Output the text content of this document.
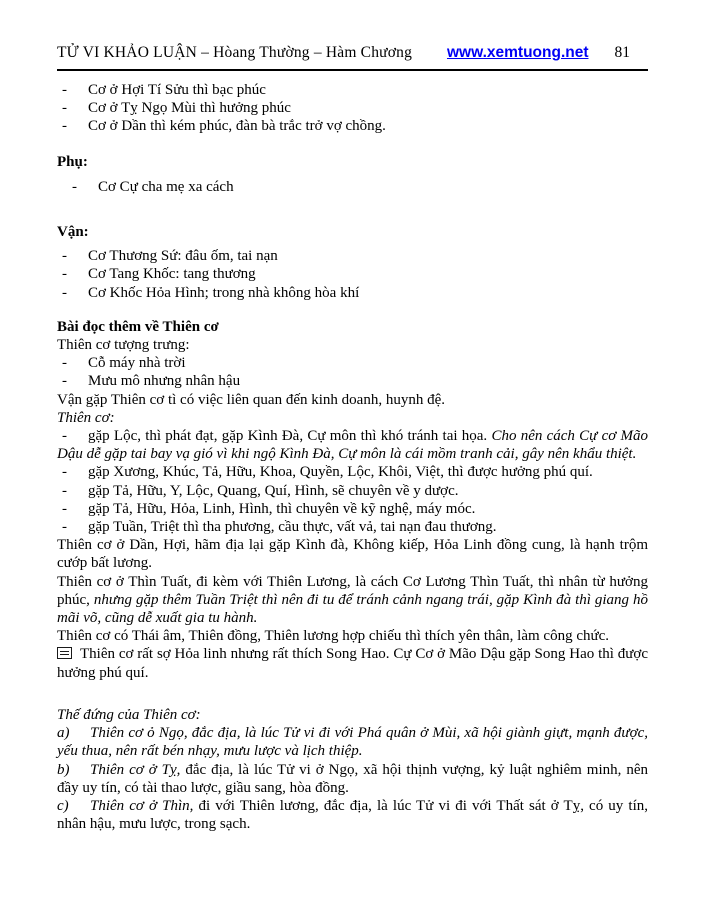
TỬ VI KHẢO LUẬN – Hòang Thường – Hàm Chương www.xemtuong.net 81

- Cơ ở Hợi Tí Sửu thì bạc phúc

- Cơ ở Tỵ Ngọ Mùi thì hưởng phúc

- Cơ ở Dần thì kém phúc, đàn bà trắc trở vợ chồng.

Phụ:

- Cơ Cự cha mẹ xa cách

Vận:

- Cơ Thương Sứ: đâu ốm, tai nạn

- Cơ Tang Khốc: tang thương

- Cơ Khốc Hỏa Hình; trong nhà không hòa khí

Bài đọc thêm về Thiên cơ

Thiên cơ tượng trưng:

- Cỗ máy nhà trời

- Mưu mô nhưng nhân hậu

Vận gặp Thiên cơ tì có việc liên quan đến kinh doanh, huynh đệ.

Thiên cơ:

- gặp Lộc, thì phát đạt, gặp Kình Đà, Cự môn thì khó tránh tai họa. Cho nên cách Cự cơ Mão Dậu dễ gặp tai bay vạ gió vì khi ngộ Kình Đà, Cự môn là cái mồm tranh cải, gây nên khẩu thiệt.

- gặp Xương, Khúc, Tả, Hữu, Khoa, Quyền, Lộc, Khôi, Việt, thì được hưởng phú quí.

- gặp Tả, Hữu, Y, Lộc, Quang, Quí, Hình, sẽ chuyên về y dược.

- gặp Tả, Hữu, Hỏa, Linh, Hình, thì chuyên về kỹ nghệ, máy móc.

- gặp Tuần, Triệt thì tha phương, cầu thực, vất vả, tai nạn đau thương.

Thiên cơ ở Dần, Hợi, hãm địa lại gặp Kình đà, Không kiếp, Hỏa Linh đồng cung, là hạnh trộm cướp bất lương.

Thiên cơ ở Thìn Tuất, đi kèm với Thiên Lương, là cách Cơ Lương Thìn Tuất, thì nhân từ hưởng phúc, nhưng gặp thêm Tuần Triệt thì nên đi tu để tránh cảnh ngang trái, gặp Kình đà thì giang hồ mãi võ, cũng dễ xuất gia tu hành.

Thiên cơ có Thái âm, Thiên đồng, Thiên lương hợp chiếu thì thích yên thân, làm công chức.

Thiên cơ rất sợ Hỏa linh nhưng rất thích Song Hao. Cự Cơ ở Mão Dậu gặp Song Hao thì được hưởng phú quí.

Thế đứng của Thiên cơ:

a) Thiên cơ ỏ Ngọ, đắc địa, là lúc Tử vi đi với Phá quân ở Mùi, xã hội giành giựt, mạnh được, yếu thua, nên rất bén nhạy, mưu lược và lịch thiệp.

b) Thiên cơ ở Tỵ, đắc địa, là lúc Tử vi ở Ngọ, xã hội thịnh vượng, kỷ luật nghiêm minh, nên đầy uy tín, có tài thao lược, giầu sang, hòa đồng.

c) Thiên cơ ở Thìn, đi với Thiên lương, đắc địa, là lúc Tử vi đi với Thất sát ở Tỵ, có uy tín, nhân hậu, mưu lược, trong sạch.
